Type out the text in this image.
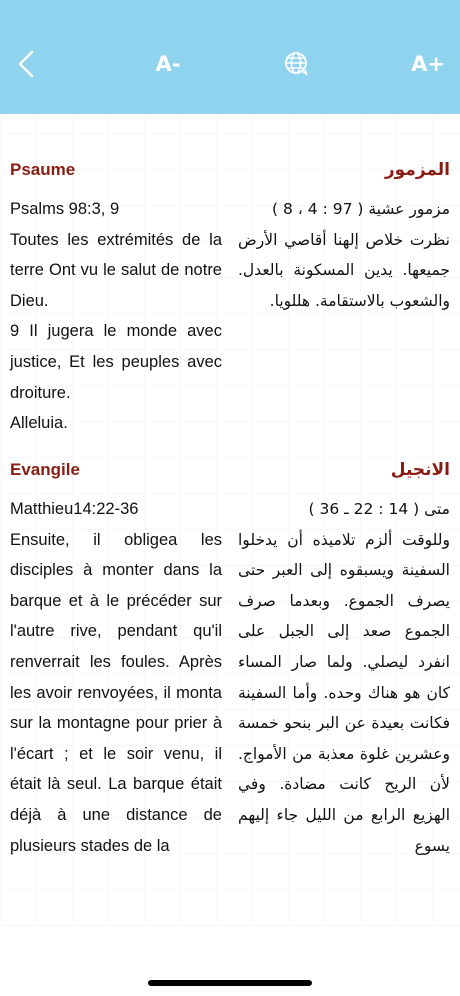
A-	A+
Psaume	المزمور
Psalms 98:3, 9

Toutes les extrémités de la terre Ont vu le salut de notre Dieu.

9 Il jugera le monde avec justice, Et les peuples avec droiture.

Alleluia.

مزمور عشية ( 97 : 4 ، 8 )

نظرت خلاص إلهنا أقاصي الأرض جميعها. يدين المسكونة بالعدل. والشعوب بالاستقامة. هللويا.

Evangile	الانجيل
Matthieu14:22-36

Ensuite, il obligea les disciples à monter dans la barque et à le précéder sur l'autre rive, pendant qu'il renverrait les foules. Après les avoir renvoyées, il monta sur la montagne pour prier à l'écart ; et le soir venu, il était là seul. La barque était déjà à une distance de plusieurs stades de la

متى ( 14 : 22 ـ 36 )

وللوقت ألزم تلاميذه أن يدخلوا السفينة ويسبقوه إلى العبر حتى يصرف الجموع. وبعدما صرف الجموع صعد إلى الجبل على انفرد ليصلي. ولما صار المساء كان هو هناك وحده. وأما السفينة فكانت بعيدة عن البر بنحو خمسة وعشرين غلوة معذبة من الأمواج. لأن الريح كانت مضادة. وفي الهزيع الرابع من الليل جاء إليهم يسوع
